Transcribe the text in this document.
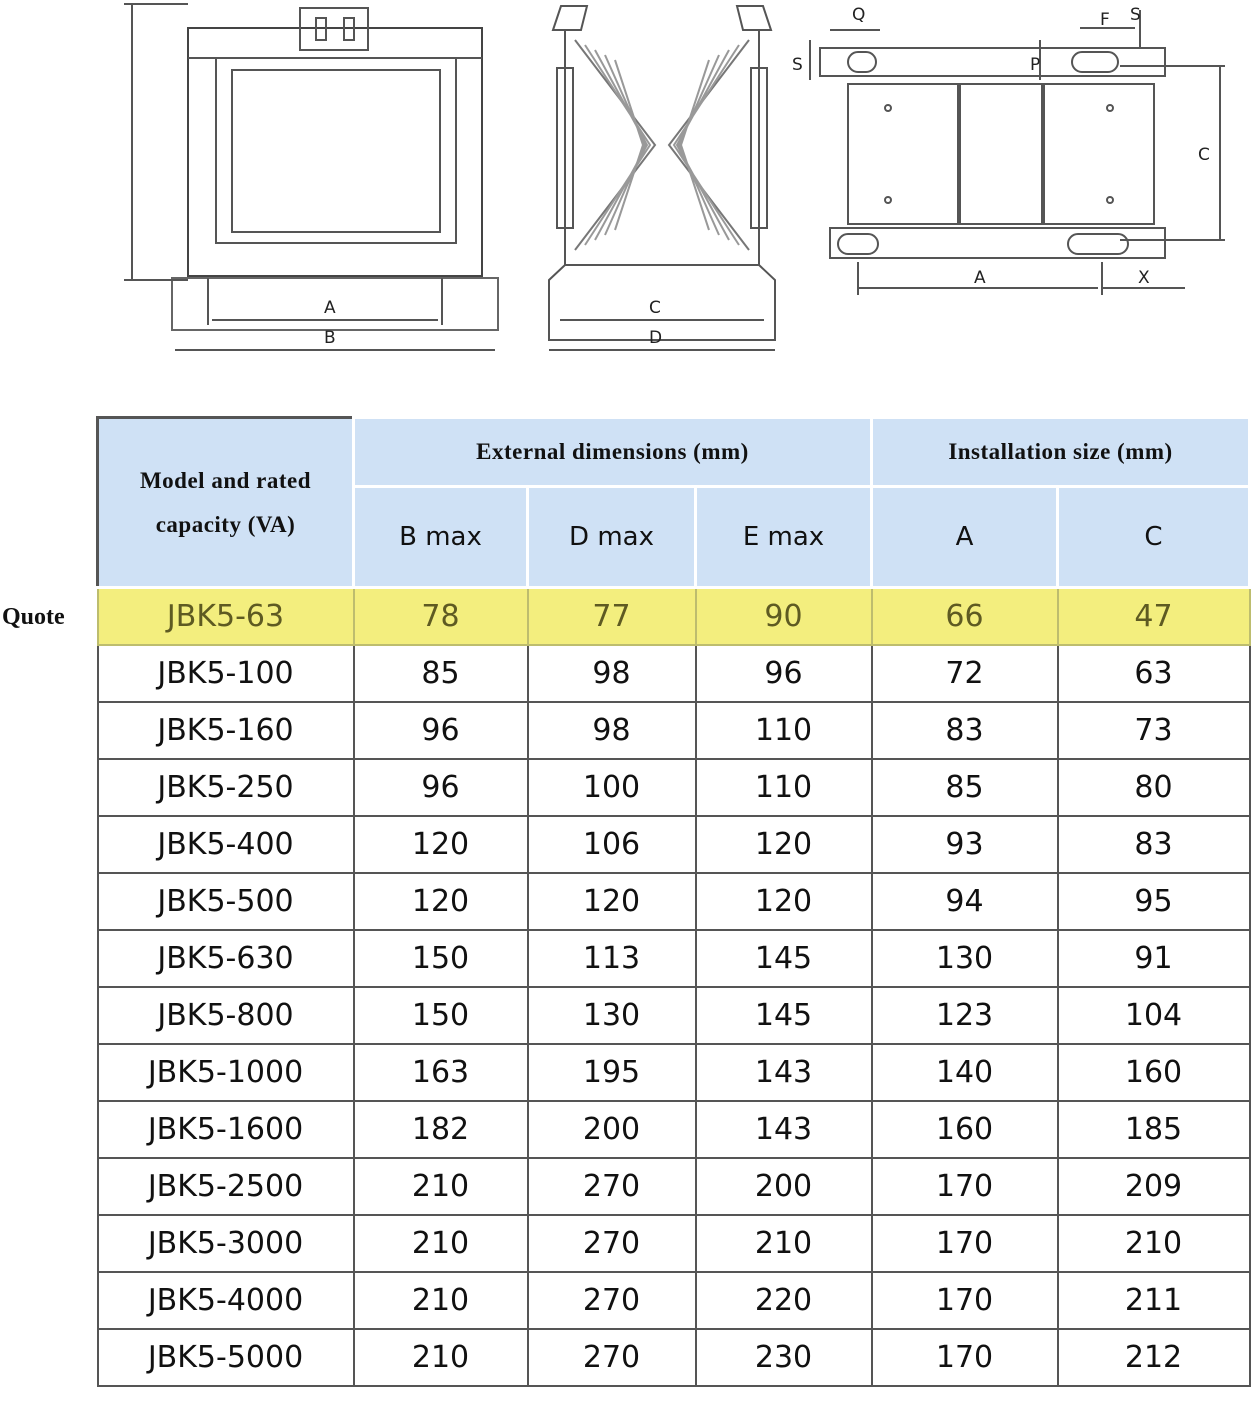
A
B
C
D
Q	F S
S	P
C
A	X
Quote
Model and rated capacity (VA)	External dimensions (mm)			Installation size (mm)	
	B max	D max	E max	A	C
JBK5-63	78	77	90	66	47
JBK5-100	85	98	96	72	63
JBK5-160	96	98	110	83	73
JBK5-250	96	100	110	85	80
JBK5-400	120	106	120	93	83
JBK5-500	120	120	120	94	95
JBK5-630	150	113	145	130	91
JBK5-800	150	130	145	123	104
JBK5-1000	163	195	143	140	160
JBK5-1600	182	200	143	160	185
JBK5-2500	210	270	200	170	209
JBK5-3000	210	270	210	170	210
JBK5-4000	210	270	220	170	211
JBK5-5000	210	270	230	170	212
